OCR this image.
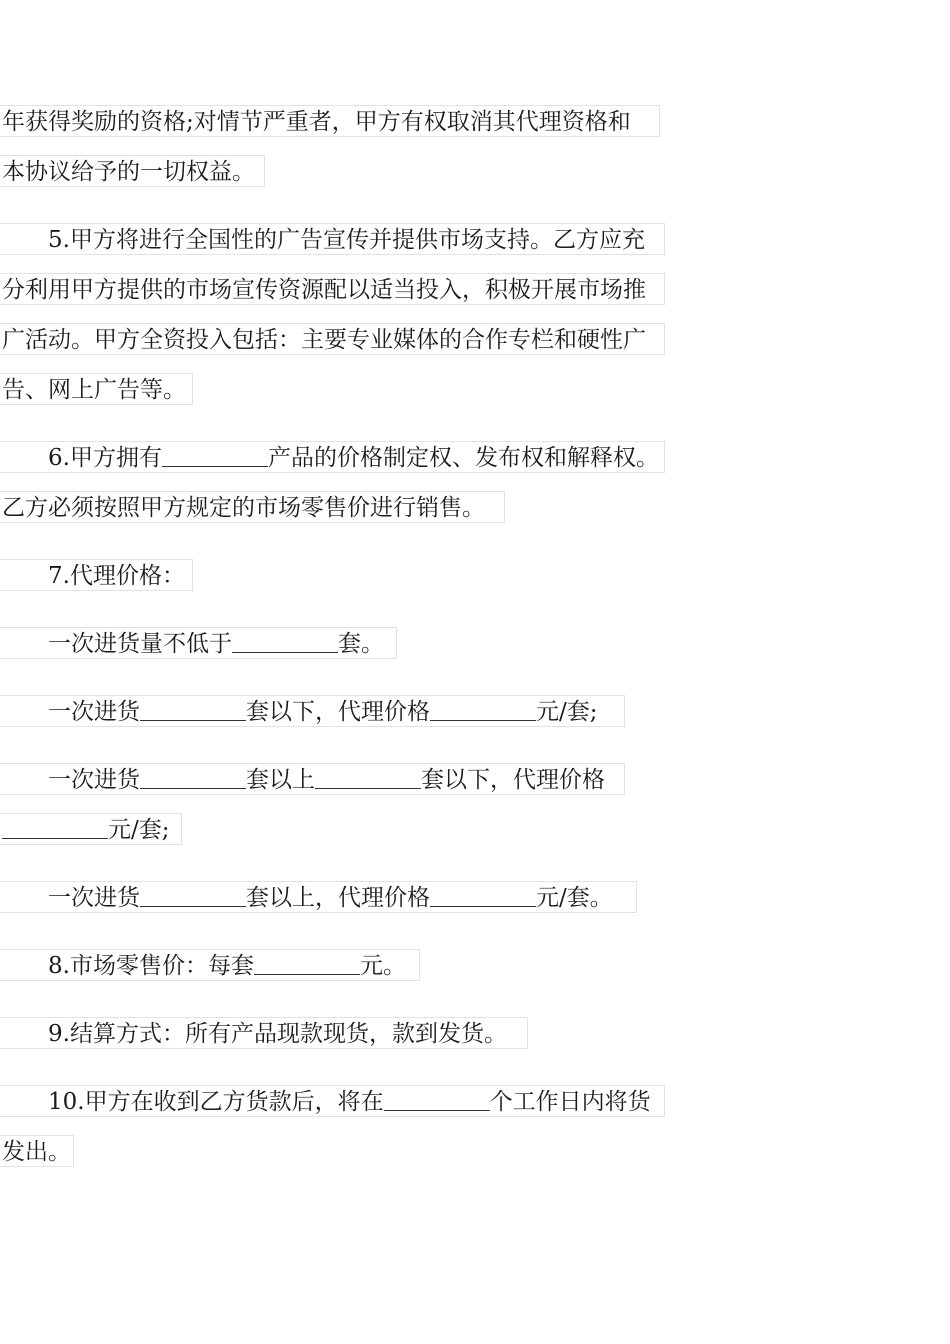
年获得奖励的资格;对情节严重者，甲方有权取消其代理资格和
本协议给予的一切权益。
5.甲方将进行全国性的广告宣传并提供市场支持。乙方应充
分利用甲方提供的市场宣传资源配以适当投入，积极开展市场推
广活动。甲方全资投入包括：主要专业媒体的合作专栏和硬性广
告、网上广告等。
6.甲方拥有	产品的价格制定权、发布权和解释权。
乙方必须按照甲方规定的市场零售价进行销售。
7.代理价格：
一次进货量不低于	套。
一次进货	套以下，代理价格	元/套;
一次进货	套以上	套以下，代理价格
元/套;
一次进货	套以上，代理价格	元/套。
8.市场零售价：每套	元。
9.结算方式：所有产品现款现货，款到发货。
10.甲方在收到乙方货款后，将在	个工作日内将货
发出。
